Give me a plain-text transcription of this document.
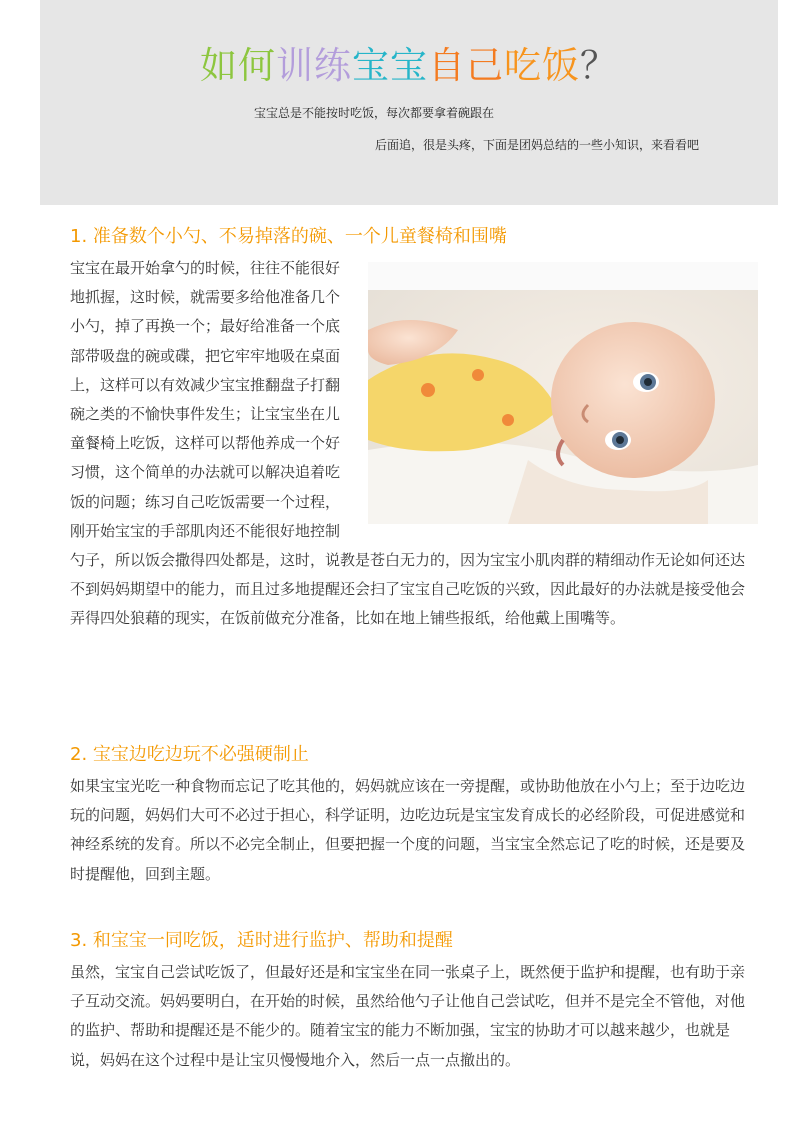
如何训练宝宝自己吃饭？
宝宝总是不能按时吃饭，每次都要拿着碗跟在
后面追，很是头疼，下面是团妈总结的一些小知识，来看看吧
1. 准备数个小勺、不易掉落的碗、一个儿童餐椅和围嘴

宝宝在最开始拿勺的时候，往往不能很好地抓握，这时候，就需要多给他准备几个小勺，掉了再换一个；最好给准备一个底部带吸盘的碗或碟，把它牢牢地吸在桌面上，这样可以有效减少宝宝推翻盘子打翻碗之类的不愉快事件发生；让宝宝坐在儿童餐椅上吃饭，这样可以帮他养成一个好习惯，这个简单的办法就可以解决追着吃饭的问题；练习自己吃饭需要一个过程，刚开始宝宝的手部肌肉还不能很好地控制勺子，所以饭会撒得四处都是，这时，说教是苍白无力的，因为宝宝小肌肉群的精细动作无论如何还达不到妈妈期望中的能力，而且过多地提醒还会扫了宝宝自己吃饭的兴致，因此最好的办法就是接受他会弄得四处狼藉的现实，在饭前做充分准备，比如在地上铺些报纸，给他戴上围嘴等。

2. 宝宝边吃边玩不必强硬制止

如果宝宝光吃一种食物而忘记了吃其他的，妈妈就应该在一旁提醒，或协助他放在小勺上；至于边吃边玩的问题，妈妈们大可不必过于担心，科学证明，边吃边玩是宝宝发育成长的必经阶段，可促进感觉和神经系统的发育。所以不必完全制止，但要把握一个度的问题，当宝宝全然忘记了吃的时候，还是要及时提醒他，回到主题。

3. 和宝宝一同吃饭，适时进行监护、帮助和提醒

虽然，宝宝自己尝试吃饭了，但最好还是和宝宝坐在同一张桌子上，既然便于监护和提醒，也有助于亲子互动交流。妈妈要明白，在开始的时候，虽然给他勺子让他自己尝试吃，但并不是完全不管他，对他的监护、帮助和提醒还是不能少的。随着宝宝的能力不断加强，宝宝的协助才可以越来越少，也就是说，妈妈在这个过程中是让宝贝慢慢地介入，然后一点一点撤出的。
